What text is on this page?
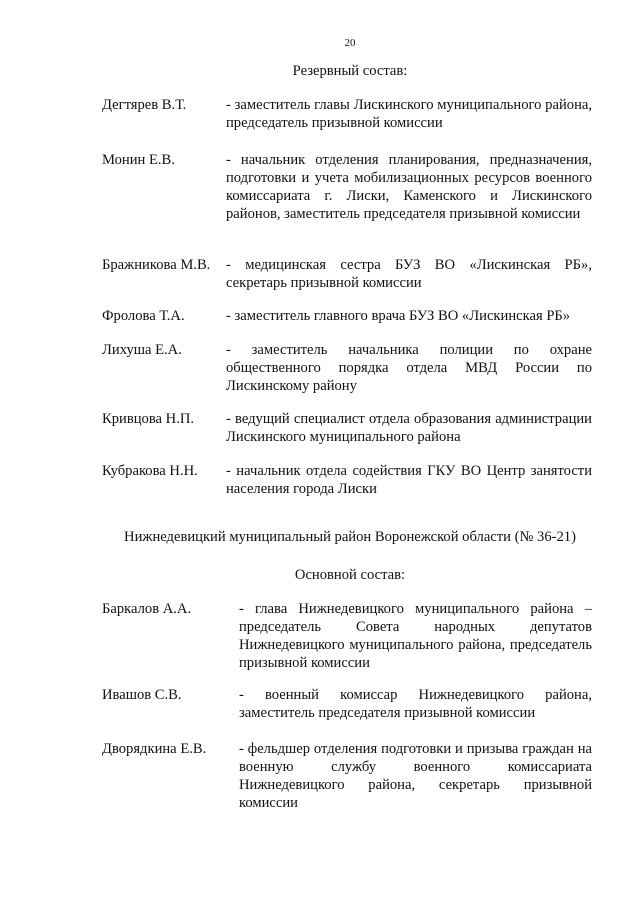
20
Резервный состав:
Дегтярев В.Т.	- заместитель главы Лискинского муниципального района, председатель призывной комиссии
Монин Е.В.	- начальник отделения планирования, предназначения, подготовки и учета мобилизационных ресурсов военного комиссариата г. Лиски, Каменского и Лискинского районов, заместитель председателя призывной комиссии
Бражникова М.В. - медицинская сестра БУЗ ВО «Лискинская РБ», секретарь призывной комиссии
Фролова Т.А.	- заместитель главного врача БУЗ ВО «Лискинская РБ»
Лихуша Е.А.	- заместитель начальника полиции по охране общественного порядка отдела МВД России по Лискинскому району
Кривцова Н.П. - ведущий специалист отдела образования администрации Лискинского муниципального района
Кубракова Н.Н. - начальник отдела содействия ГКУ ВО Центр занятости населения города Лиски
Нижнедевицкий муниципальный район Воронежской области (№ 36-21)
Основной состав:
Баркалов А.А.	- глава Нижнедевицкого муниципального района – председатель Совета народных депутатов Нижнедевицкого муниципального района, председатель призывной комиссии
Ивашов С.В.	- военный комиссар Нижнедевицкого района, заместитель председателя призывной комиссии
Дворядкина Е.В. - фельдшер отделения подготовки и призыва граждан на военную службу военного комиссариата Нижнедевицкого района, секретарь призывной комиссии
